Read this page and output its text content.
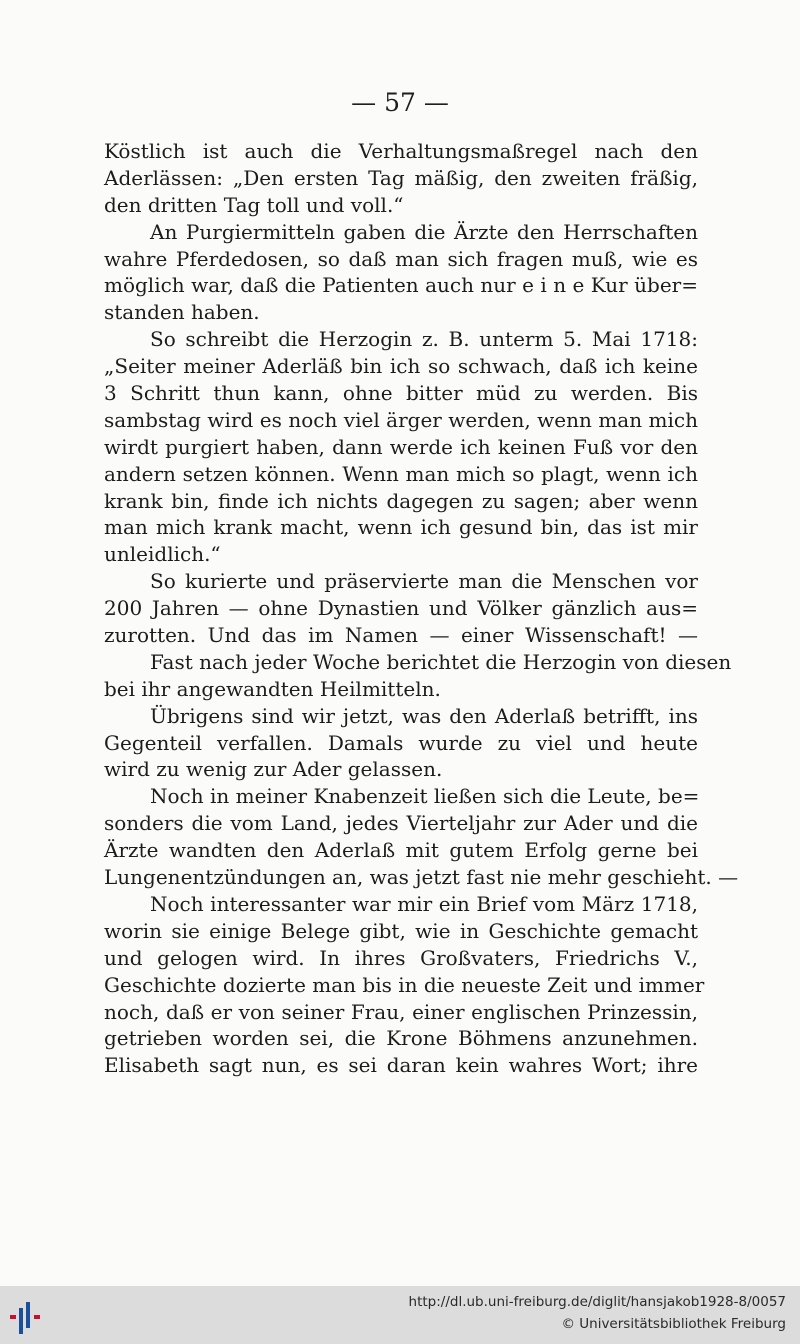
— 57 —
Köstlich ist auch die Verhaltungsmaßregel nach den
Aderlässen: „Den ersten Tag mäßig, den zweiten fräßig,
den dritten Tag toll und voll.“
An Purgiermitteln gaben die Ärzte den Herrschaften
wahre Pferdedosen, so daß man sich fragen muß, wie es
möglich war, daß die Patienten auch nur e i n e Kur über=
standen haben.
So schreibt die Herzogin z. B. unterm 5. Mai 1718:
„Seiter meiner Aderläß bin ich so schwach, daß ich keine
3 Schritt thun kann, ohne bitter müd zu werden. Bis
sambstag wird es noch viel ärger werden, wenn man mich
wirdt purgiert haben, dann werde ich keinen Fuß vor den
andern setzen können. Wenn man mich so plagt, wenn ich
krank bin, finde ich nichts dagegen zu sagen; aber wenn
man mich krank macht, wenn ich gesund bin, das ist mir
unleidlich.“
So kurierte und präservierte man die Menschen vor
200 Jahren — ohne Dynastien und Völker gänzlich aus=
zurotten. Und das im Namen — einer Wissenschaft! —
Fast nach jeder Woche berichtet die Herzogin von diesen
bei ihr angewandten Heilmitteln.
Übrigens sind wir jetzt, was den Aderlaß betrifft, ins
Gegenteil verfallen. Damals wurde zu viel und heute
wird zu wenig zur Ader gelassen.
Noch in meiner Knabenzeit ließen sich die Leute, be=
sonders die vom Land, jedes Vierteljahr zur Ader und die
Ärzte wandten den Aderlaß mit gutem Erfolg gerne bei
Lungenentzündungen an, was jetzt fast nie mehr geschieht. —
Noch interessanter war mir ein Brief vom März 1718,
worin sie einige Belege gibt, wie in Geschichte gemacht
und gelogen wird. In ihres Großvaters, Friedrichs V.,
Geschichte dozierte man bis in die neueste Zeit und immer
noch, daß er von seiner Frau, einer englischen Prinzessin,
getrieben worden sei, die Krone Böhmens anzunehmen.
Elisabeth sagt nun, es sei daran kein wahres Wort; ihre
http://dl.ub.uni-freiburg.de/diglit/hansjakob1928-8/0057
© Universitätsbibliothek Freiburg
